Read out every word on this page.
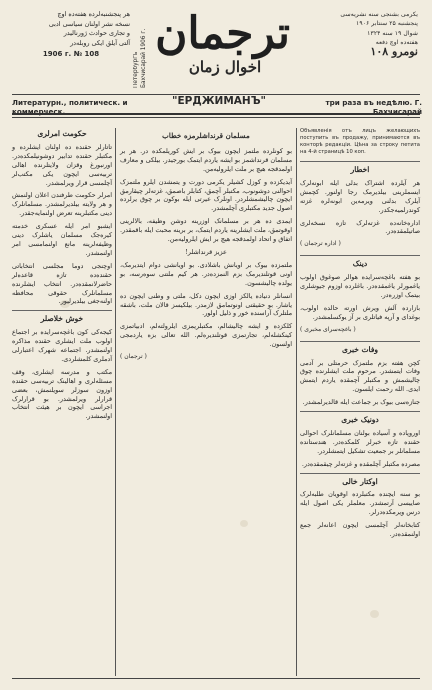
هر پنجشنبه‌لرده هفته‌ده اوچ
نسخه نشر اولنان سیاسی ادبی
و تجاری حوادث ژورنالیدر
آلتی آیلق ایکی روبله‌در
1906 г. № 108	Петербургъ Бахчисарай 1906 г. ترجمان
اخوال زمان
یکرمی بشنجی سنه نشریه‌سی
پنجشنبه ۲۵ سنتابر ۱۹۰۶
شوال ۱۹ سنه ۱۳۲۴
هفته‌ده اوچ دفعه
نومرو ۱۰۸
Литературн., политическ. и коммерческ.
"ЕРДЖИМАНЪ"	три раза въ недѣлю. Г. Бахчисарай
حکومت امرلری

تاتارلر حقنده ده اولنان ایشلرده و مکتبلر حقنده تدابیر دوشونیلمکده‌در. اورنبورغ وقزان ولایتلرنده اهالی تربیه‌سی ایچون یکی مکتب‌لر آچلمسی قرار ویرلمشدر.

امرلر حکومت طرفندن اعلان اولنمش و هر ولایته بیلدیرلمشدر. مسلمانلرک دینی مکتبلرینه تعرض اولنمایه‌جقدر.

ایشبو امر ایله عسکری خدمته کیره‌جک مسلمان یاشلرک دینی وظیفه‌لرینه مانع اولنمامسی امر اولنمشدر.

اوچنجی دوما مجلسی انتخاباتی حقنده‌ده تازه قاعده‌لر حاضرلانمقده‌در. انتخاب ایشلرنده مسلمانلرک حقوقی محافظه اولنه‌جغی بیلدیرلیور.

خوش خلاصلر

کیجه‌کی کون باغچه‌سرایده بر اجتماع اولوب ملت ایشلری حقنده مذاکره اولنمشدر. اجتماعه شهرک اعتبارلی آدملری کلمشلردی.

مکتب و مدرسه ایشلری، وقف مسئله‌لری و اهالینک تربیه‌سی حقنده اوزون سوزلر سویلنمش، بعضی قرارلر ویرلمشدر. بو قرارلرک اجراسی ایچون بر هیئت انتخاب اولنمشدر.

مسلمان قرنداشلرمزه خطاب

بو کونلرده ملتمز ایچون بیوک بر ایش کوریلمکده در. هر بر مسلمان قرنداشمز بو ایشه یاردم ایتمک بورجیدر. بیلکی و معارف اولمدقجه هیچ بر ملت ایلرولیه‌من.

آیدیکزده و کوزل کشیلر یکرمی دورت و یتمشدن ایلرو ملتمزک احوالنی دوشونوب، مکتبلر آچمق، کتابلر باصمق، غزته‌لر چیقارمق ایچون چالیشمشلردر. اونلرک عیرتی ایله بوکون بر چوق یرلرده اصول جدید مکتبلری آچلمشدر.

ایمدی ده هر بر مسلمانک اوزرینه دوشن وظیفه، بالالرینی اوقوتمق، ملت ایشلرینه یاردم ایتمک، بر برینه محبت ایله باقمقدر. اتفاق و اتحاد اولمدقجه هیچ بر ایش ایلرولیه‌من.

عزیز قرنداشلر!

ملتمزده بیوک بر اویانش باشلادی. بو اویانشی دوام ایتدیرمک، اونی قوتلندیرمک بزم النمزده‌در. هر کیم ملتنی سوه‌رسه، بو یولده چالیشسون.

انسانلر دنیاده یالکز اوزی ایچون دکل، ملتی و وطنی ایچون ده یاشار. بو حقیقتی اونوتمامق لازمدر. بیلکیسز قالان ملت، باشقه ملتلرک آراسنده خور و ذلیل اولور.

کلکزده و ایشه چالیشالم، مکتبلریمزی ایلرولته‌لم، ادبیاتمزی کینکشله‌لم، تجارتمزی قوتلندیره‌لم. الله تعالی بزه یاردمجی اولسون.

( ترجمان )
Объявленія отъ лицъ желающихъ поступить въ продажу, принимаются въ конторѣ редакціи. Цѣна за строку петита на 4-й страницѣ 10 коп.
اخطار

هر آیلرده اشتراک بدلی ایله ابونه‌لرک ایسملرینی بیلدیرمک رجا اولنور. کچمش آیلرک بدلنی ویرمه‌ین ابونه‌لره غزته کوندرلمیه‌جکدر.

اداره‌خانه‌ده غزته‌لرک تازه نسخه‌لری صاتیلمقده‌در.

( اداره ترجمان )
دینک

بو هفته باغچه‌سرایده هوالر صوغوق اولوب یاغمورلر یاغمقده‌در. باغلرده اوزوم جیوشلری بیتمک اوزره‌در.

بازارده آلش ویرش اورته حالده اولوب، بوغدای و آرپه فیاتلری بر آز یوکسلمشدر.

( باغچه‌سرای مخبری )
وفات خبری

کچن هفته بزم ملتمزک حرمتلی بر آدمی وفات ایتمشدر. مرحوم ملت ایشلرنده چوق چالیشمش و مکتبلر آچمقده یاردم ایتمش ایدی. الله رحمت ایلسون.

جنازه‌سی بیوک بر جماعت ایله قالدیرلمشدر.

دونیک خبری

اوروپاده و آسیاده بولنان مسلمانلرک احوالی حقنده تازه خبرلر کلمکده‌در. هندستانده مسلمانلر بر جمعیت تشکیل ایتمشلردر.

مصرده مکتبلر آچلمقده و غزته‌لر چیقمقده‌در.

اوکتار خالی

بو سنه ایچنده مکتبلرده اوقویان طلبه‌لرک صاییسی آرتمشدر. معلملر یکی اصول ایله درس ویرمکده‌درلر.

کتابخانه‌لر آچلمسی ایچون اعانه‌لر جمع اولنمقده‌در.
